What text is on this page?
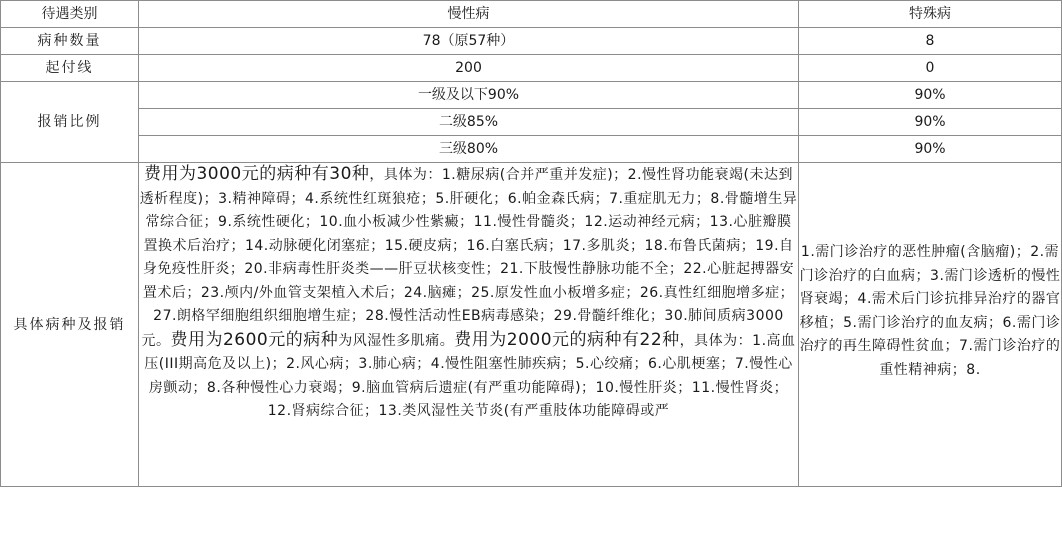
待遇类别	慢性病	特殊病
病种数量	78（原57种）	8
起付线	200	0
报销比例	一级及以下90%	90%
	二级85%	90%
	三级80%	90%
具体病种及报销	费用为3000元的病种有30种，具体为：1.糖尿病(合并严重并发症)；2.慢性肾功能衰竭(未达到透析程度)；3.精神障碍；4.系统性红斑狼疮；5.肝硬化；6.帕金森氏病；7.重症肌无力；8.骨髓增生异常综合征；9.系统性硬化；10.血小板减少性紫癜；11.慢性骨髓炎；12.运动神经元病；13.心脏瓣膜置换术后治疗；14.动脉硬化闭塞症；15.硬皮病；16.白塞氏病；17.多肌炎；18.布鲁氏菌病；19.自身免疫性肝炎；20.非病毒性肝炎类——肝豆状核变性；21.下肢慢性静脉功能不全；22.心脏起搏器安置术后；23.颅内/外血管支架植入术后；24.脑瘫；25.原发性血小板增多症；26.真性红细胞增多症；27.朗格罕细胞组织细胞增生症；28.慢性活动性EB病毒感染；29.骨髓纤维化；30.肺间质病3000元。费用为2600元的病种为风湿性多肌痛。费用为2000元的病种有22种，具体为：1.高血压(III期高危及以上)；2.风心病；3.肺心病；4.慢性阻塞性肺疾病；5.心绞痛；6.心肌梗塞；7.慢性心房颤动；8.各种慢性心力衰竭；9.脑血管病后遗症(有严重功能障碍)；10.慢性肝炎；11.慢性肾炎；12.肾病综合征；13.类风湿性关节炎(有严重肢体功能障碍或严	1.需门诊治疗的恶性肿瘤(含脑瘤)；2.需门诊治疗的白血病；3.需门诊透析的慢性肾衰竭；4.需术后门诊抗排异治疗的器官移植；5.需门诊治疗的血友病；6.需门诊治疗的再生障碍性贫血；7.需门诊治疗的重性精神病；8.
